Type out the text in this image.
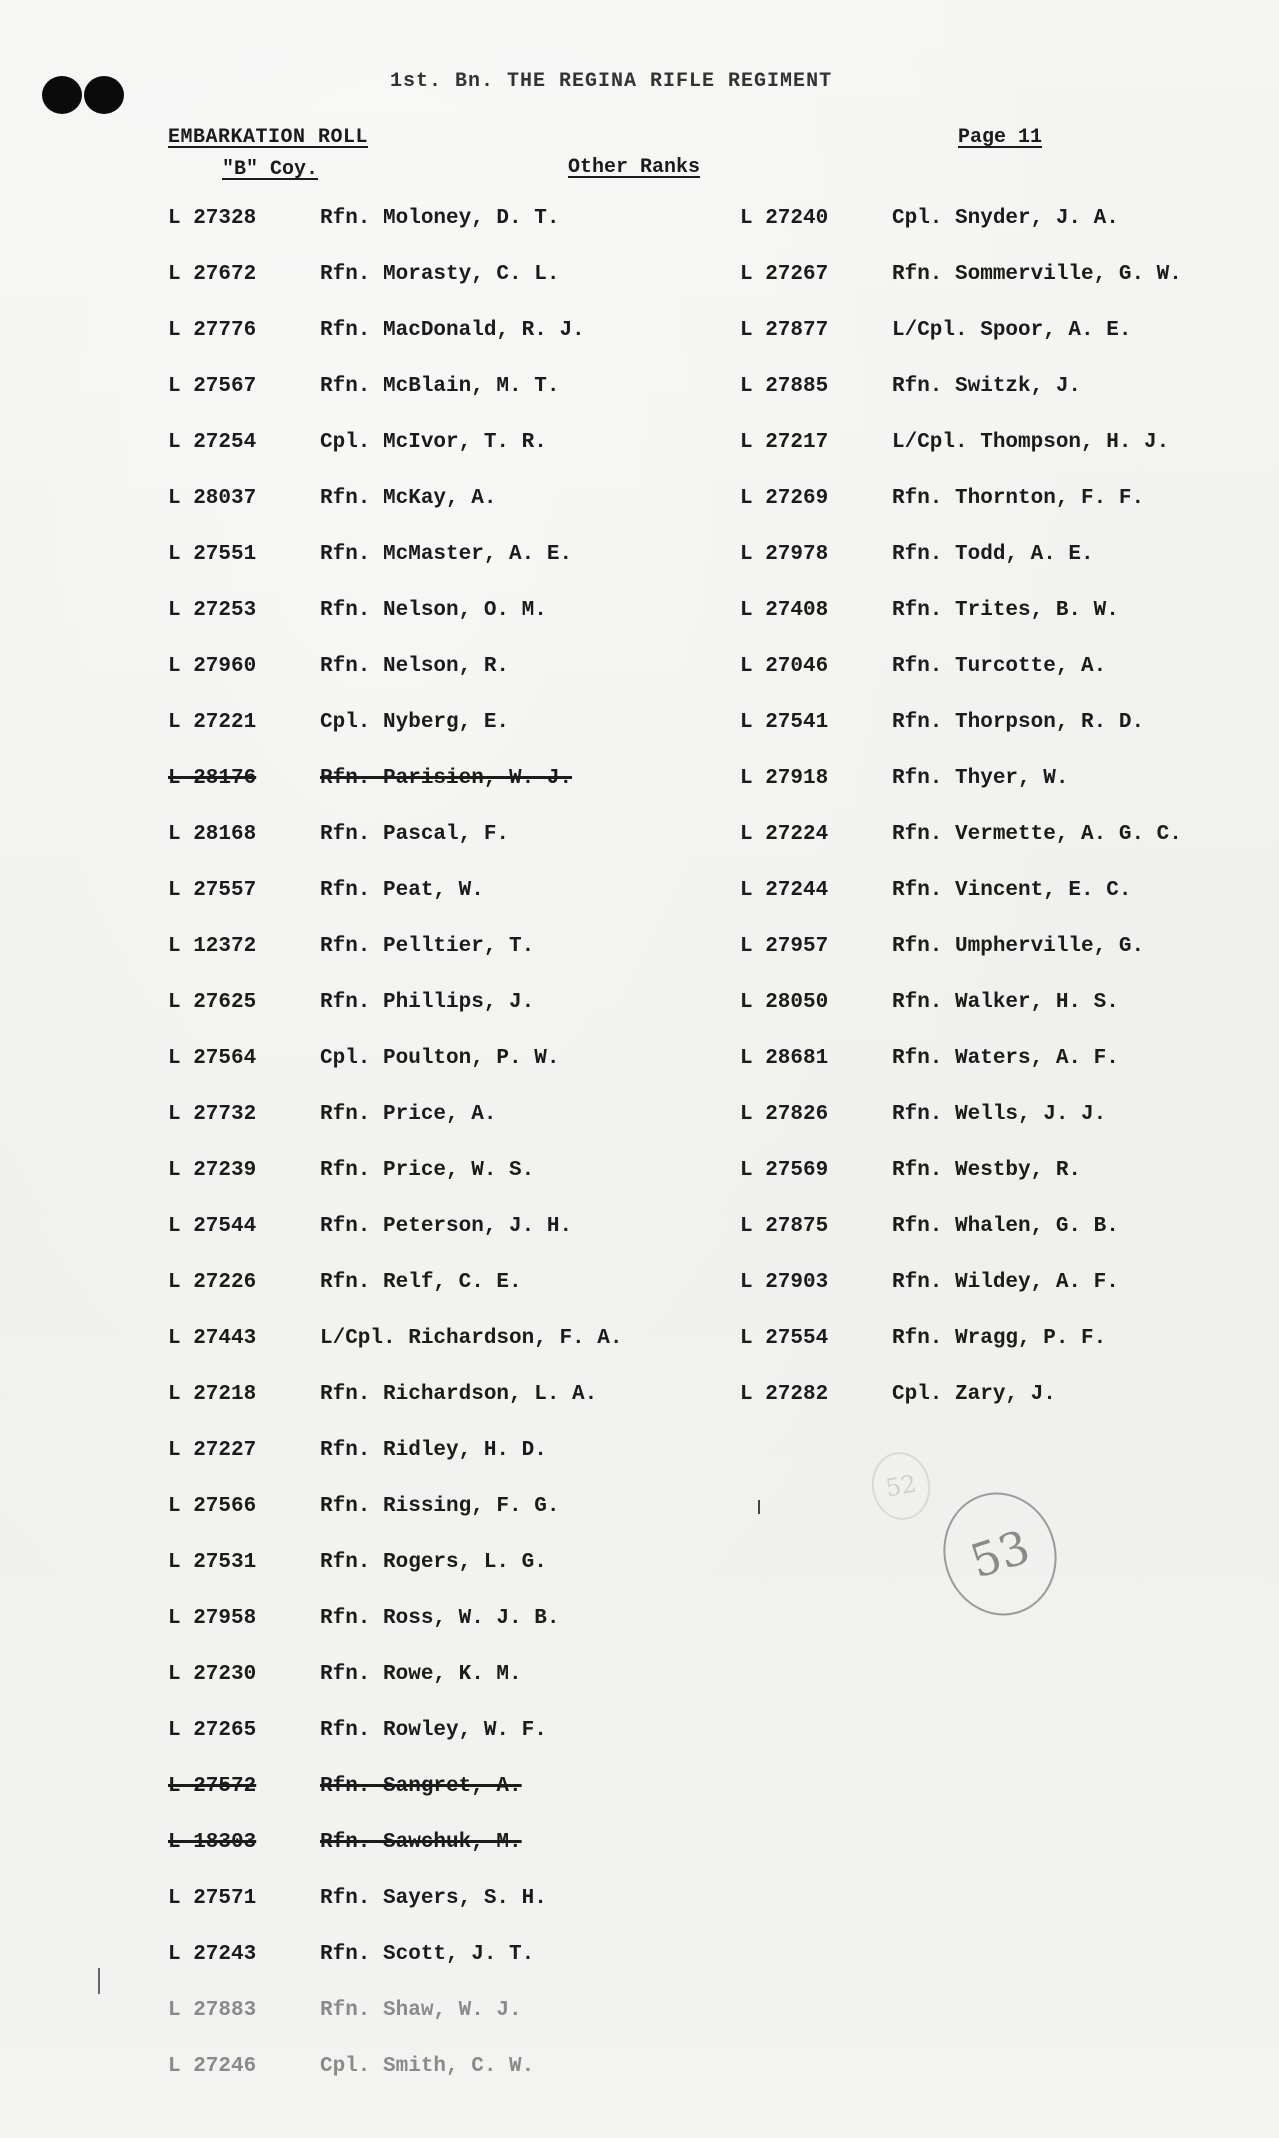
1st. Bn. THE REGINA RIFLE REGIMENT
EMBARKATION ROLL
"B" Coy.	Other Ranks
Page 11
L 27328	Rfn. Moloney, D. T.
L 27672	Rfn. Morasty, C. L.
L 27776	Rfn. MacDonald, R. J.
L 27567	Rfn. McBlain, M. T.
L 27254	Cpl. McIvor, T. R.
L 28037	Rfn. McKay, A.
L 27551	Rfn. McMaster, A. E.
L 27253	Rfn. Nelson, O. M.
L 27960	Rfn. Nelson, R.
L 27221	Cpl. Nyberg, E.
L 28176	Rfn. Parisien, W. J.
L 28168	Rfn. Pascal, F.
L 27557	Rfn. Peat, W.
L 12372	Rfn. Pelltier, T.
L 27625	Rfn. Phillips, J.
L 27564	Cpl. Poulton, P. W.
L 27732	Rfn. Price, A.
L 27239	Rfn. Price, W. S.
L 27544	Rfn. Peterson, J. H.
L 27226	Rfn. Relf, C. E.
L 27443	L/Cpl. Richardson, F. A.
L 27218	Rfn. Richardson, L. A.
L 27227	Rfn. Ridley, H. D.
L 27566	Rfn. Rissing, F. G.
L 27531	Rfn. Rogers, L. G.
L 27958	Rfn. Ross, W. J. B.
L 27230	Rfn. Rowe, K. M.
L 27265	Rfn. Rowley, W. F.
L 27572	Rfn. Sangret, A.
L 18303	Rfn. Sawchuk, M.
L 27571	Rfn. Sayers, S. H.
L 27243	Rfn. Scott, J. T.
L 27883	Rfn. Shaw, W. J.
L 27246	Cpl. Smith, C. W.
L 27240	Cpl. Snyder, J. A.
L 27267	Rfn. Sommerville, G. W.
L 27877	L/Cpl. Spoor, A. E.
L 27885	Rfn. Switzk, J.
L 27217	L/Cpl. Thompson, H. J.
L 27269	Rfn. Thornton, F. F.
L 27978	Rfn. Todd, A. E.
L 27408	Rfn. Trites, B. W.
L 27046	Rfn. Turcotte, A.
L 27541	Rfn. Thorpson, R. D.
L 27918	Rfn. Thyer, W.
L 27224	Rfn. Vermette, A. G. C.
L 27244	Rfn. Vincent, E. C.
L 27957	Rfn. Umpherville, G.
L 28050	Rfn. Walker, H. S.
L 28681	Rfn. Waters, A. F.
L 27826	Rfn. Wells, J. J.
L 27569	Rfn. Westby, R.
L 27875	Rfn. Whalen, G. B.
L 27903	Rfn. Wildey, A. F.
L 27554	Rfn. Wragg, P. F.
L 27282	Cpl. Zary, J.
52
53
